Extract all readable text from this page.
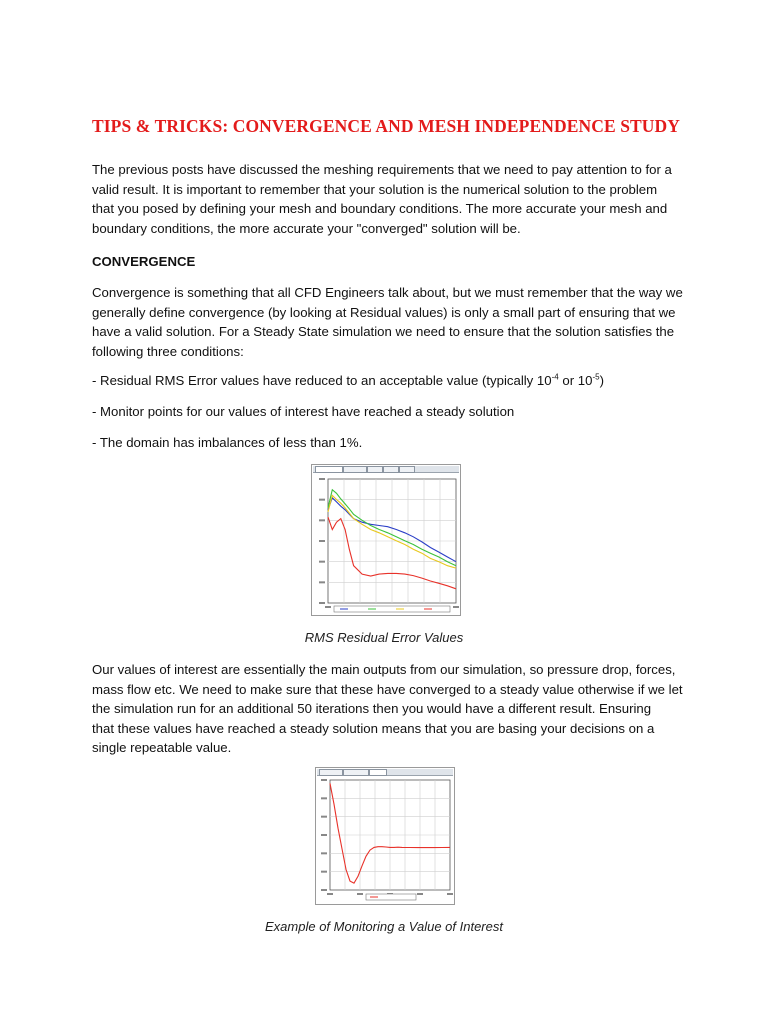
TIPS & TRICKS: CONVERGENCE AND MESH INDEPENDENCE STUDY
The previous posts have discussed the meshing requirements that we need to pay attention to for a
valid result. It is important to remember that your solution is the numerical solution to the problem
that you posed by defining your mesh and boundary conditions. The more accurate your mesh and
boundary conditions, the more accurate your "converged" solution will be.
CONVERGENCE
Convergence is something that all CFD Engineers talk about, but we must remember that the way we
generally define convergence (by looking at Residual values) is only a small part of ensuring that we
have a valid solution. For a Steady State simulation we need to ensure that the solution satisfies the
following three conditions:
- Residual RMS Error values have reduced to an acceptable value (typically $10^{-4}$ or $10^{-5}$)
- Monitor points for our values of interest have reached a steady solution
- The domain has imbalances of less than 1%.
RMS Residual Error Values
Our values of interest are essentially the main outputs from our simulation, so pressure drop, forces,
mass flow etc. We need to make sure that these have converged to a steady value otherwise if we let
the simulation run for an additional 50 iterations then you would have a different result. Ensuring
that these values have reached a steady solution means that you are basing your decisions on a
single repeatable value.
Example of Monitoring a Value of Interest
